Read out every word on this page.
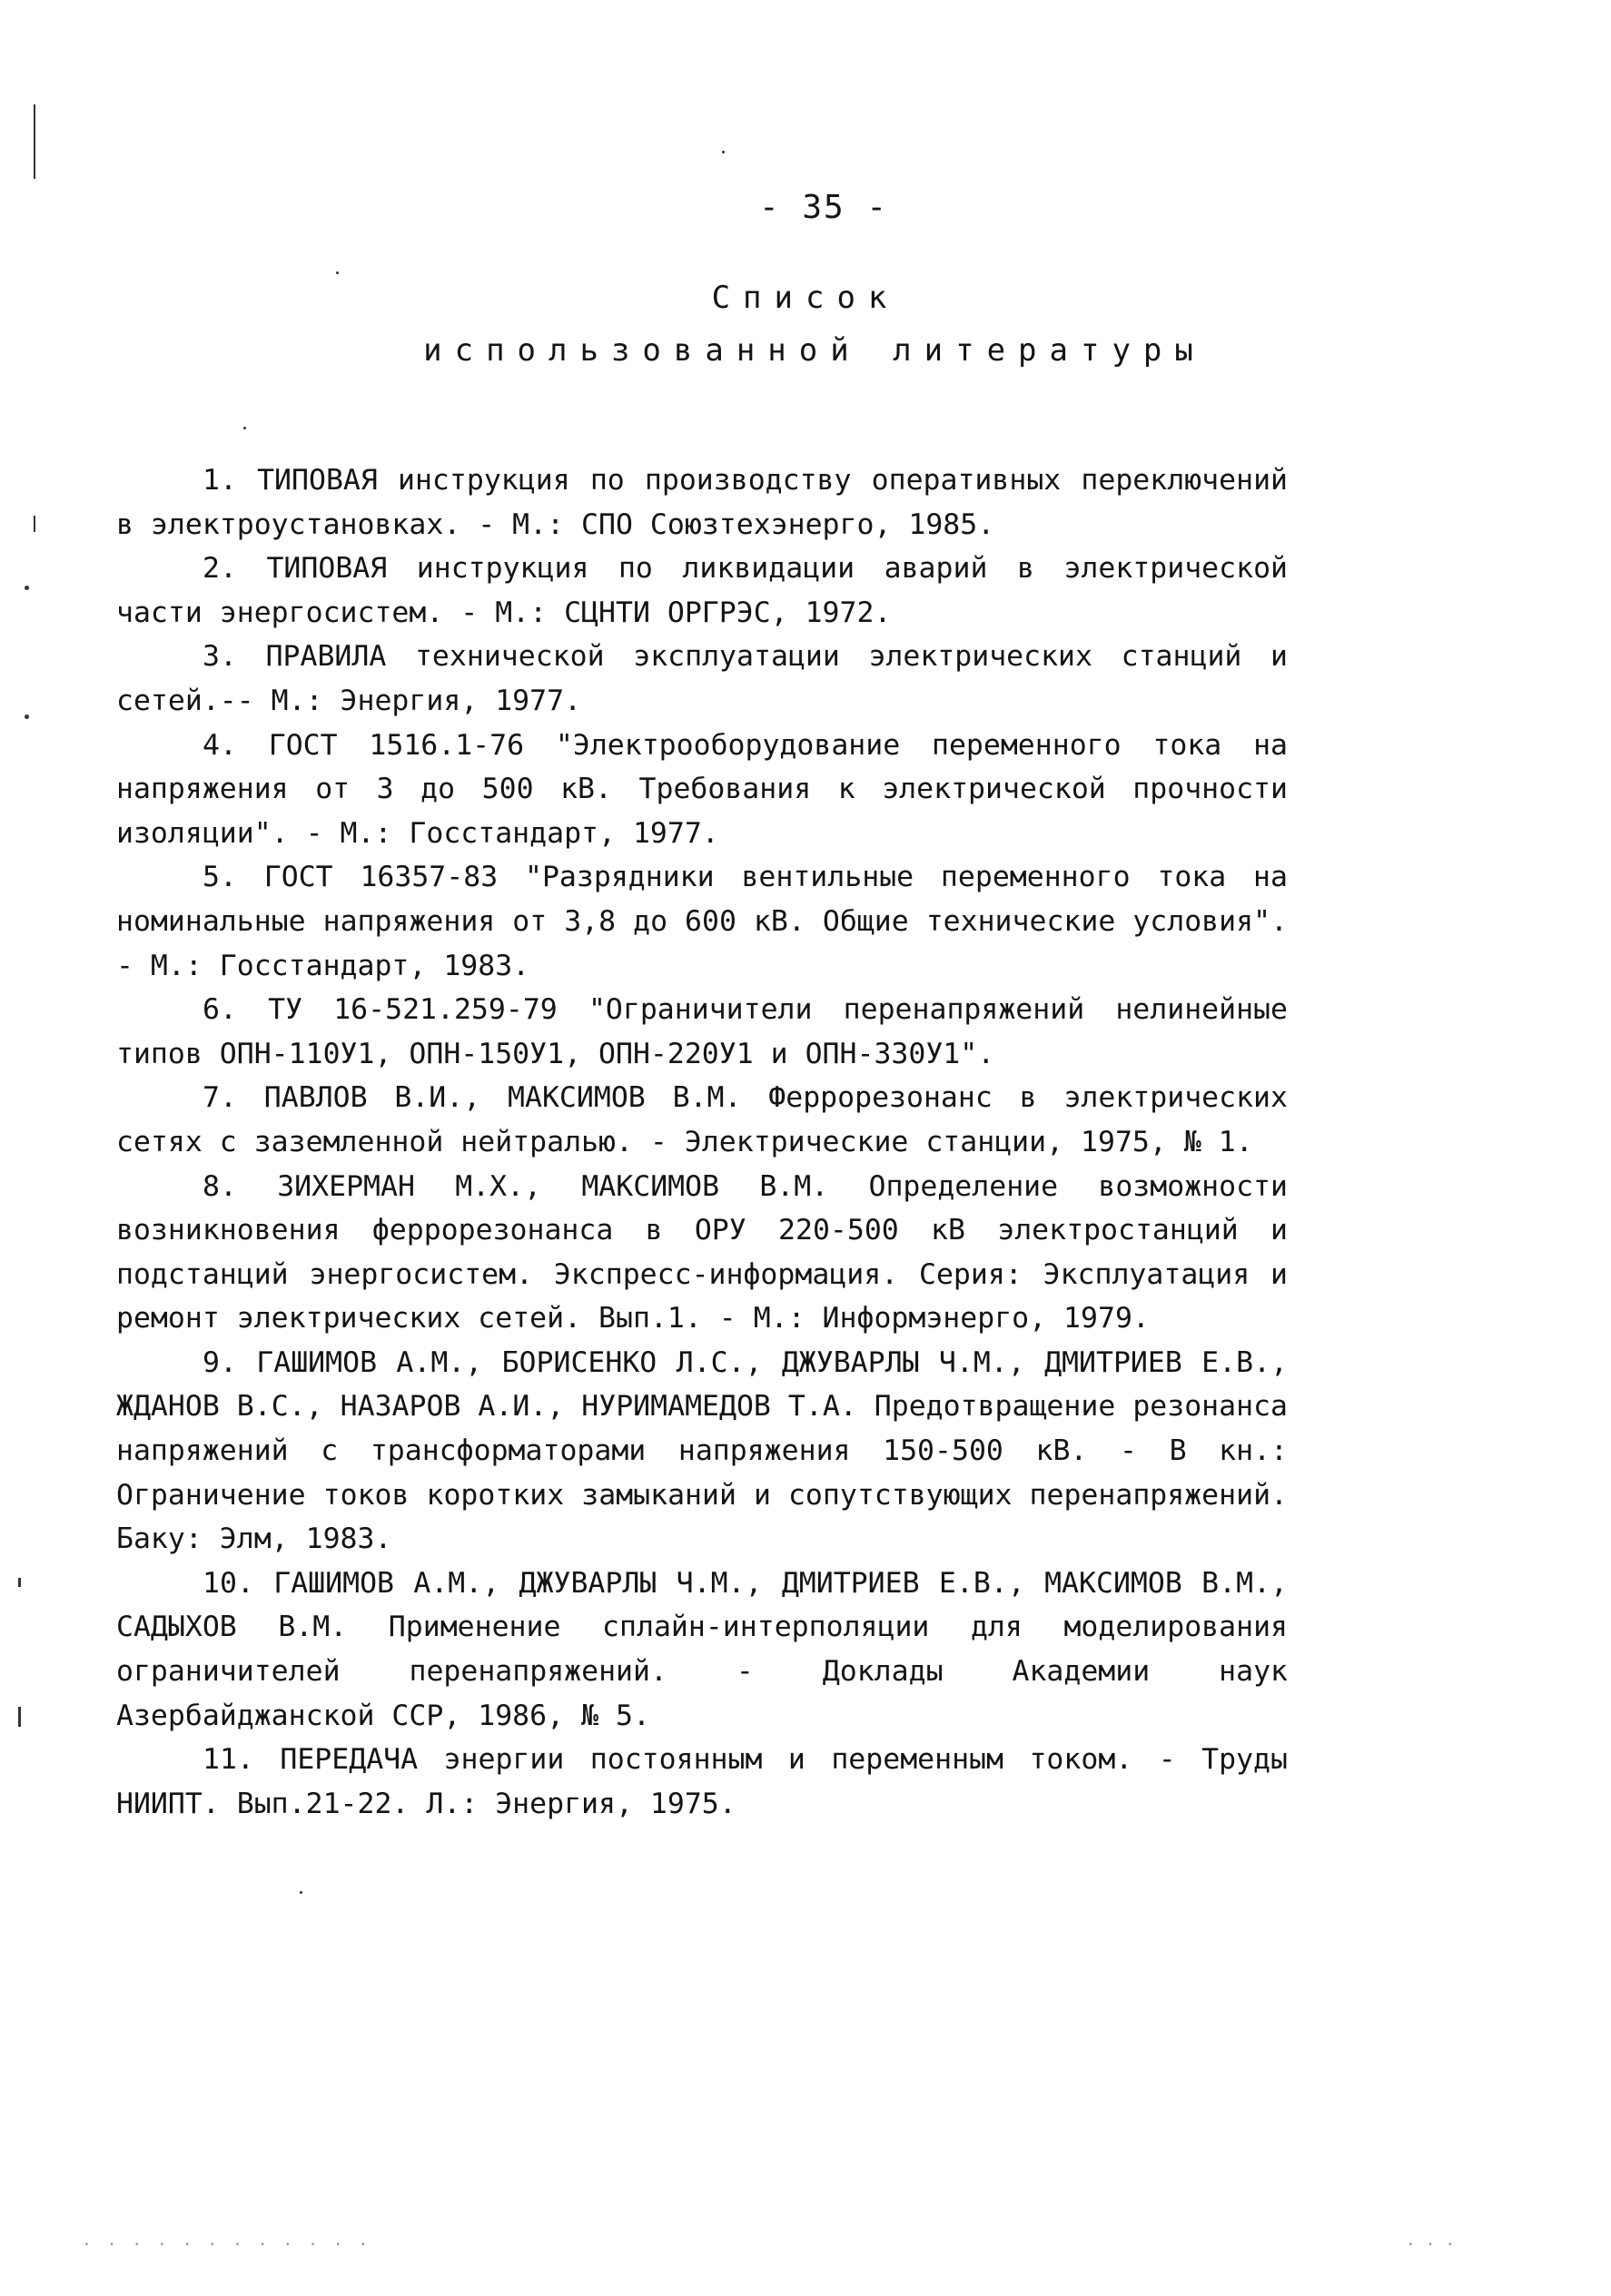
- 35 -
Список
использованной литературы

1. ТИПОВАЯ инструкция по производству оперативных переключений в электроустановках. - М.: СПО Союзтехэнерго, 1985.

2. ТИПОВАЯ инструкция по ликвидации аварий в электрической части энергосистем. - М.: СЦНТИ ОРГРЭС, 1972.

3. ПРАВИЛА технической эксплуатации электрических станций и сетей.-- М.: Энергия, 1977.

4. ГОСТ 1516.1-76 "Электрооборудование переменного тока на напряжения от 3 до 500 кВ. Требования к электрической прочности изоляции". - М.: Госстандарт, 1977.

5. ГОСТ 16357-83 "Разрядники вентильные переменного тока на номинальные напряжения от 3,8 до 600 кВ. Общие технические условия". - М.: Госстандарт, 1983.

6. ТУ 16-521.259-79 "Ограничители перенапряжений нелинейные типов ОПН-110У1, ОПН-150У1, ОПН-220У1 и ОПН-330У1".

7. ПАВЛОВ В.И., МАКСИМОВ В.М. Феррорезонанс в электрических сетях с заземленной нейтралью. - Электрические станции, 1975, № 1.

8. ЗИХЕРМАН М.Х., МАКСИМОВ В.М. Определение возможности возникновения феррорезонанса в ОРУ 220-500 кВ электростанций и подстанций энергосистем. Экспресс-информация. Серия: Эксплуатация и ремонт электрических сетей. Вып.1. - М.: Информэнерго, 1979.

9. ГАШИМОВ А.М., БОРИСЕНКО Л.С., ДЖУВАРЛЫ Ч.М., ДМИТРИЕВ Е.В., ЖДАНОВ В.С., НАЗАРОВ А.И., НУРИМАМЕДОВ Т.А. Предотвращение резонанса напряжений с трансформаторами напряжения 150-500 кВ. - В кн.: Ограничение токов коротких замыканий и сопутствующих перенапряжений. Баку: Элм, 1983.

10. ГАШИМОВ А.М., ДЖУВАРЛЫ Ч.М., ДМИТРИЕВ Е.В., МАКСИМОВ В.М., САДЫХОВ В.М. Применение сплайн-интерполяции для моделирования ограничителей перенапряжений. - Доклады Академии наук Азербайджанской ССР, 1986, № 5.

11. ПЕРЕДАЧА энергии постоянным и переменным током. - Труды НИИПТ. Вып.21-22. Л.: Энергия, 1975.

· · · · · · · · · · · ·	· · ·
